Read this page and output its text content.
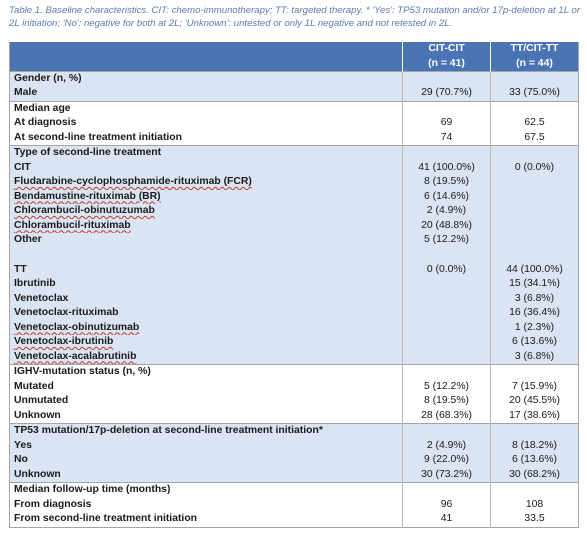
Table 1. Baseline characteristics. CIT: chemo-immunotherapy; TT: targeted therapy. * 'Yes': TP53 mutation and/or 17p-deletion at 1L or 2L initiation; 'No': negative for both at 2L; 'Unknown': untested or only 1L negative and not retested in 2L.
	CIT-CIT	TT/CIT-TT
	(n = 41)	(n = 44)
Gender (n, %)		
Male	29 (70.7%)	33 (75.0%)
Median age		
At diagnosis	69	62.5
At second-line treatment initiation	74	67.5
Type of second-line treatment		
CIT	41 (100.0%)	0 (0.0%)
Fludarabine-cyclophosphamide-rituximab (FCR)	8 (19.5%)	
Bendamustine-rituximab (BR)	6 (14.6%)	
Chlorambucil-obinutuzumab	2 (4.9%)	
Chlorambucil-rituximab	20 (48.8%)	
Other	5 (12.2%)	

TT	0 (0.0%)	44 (100.0%)
Ibrutinib		15 (34.1%)
Venetoclax		3 (6.8%)
Venetoclax-rituximab		16 (36.4%)
Venetoclax-obinutizumab		1 (2.3%)
Venetoclax-ibrutinib		6 (13.6%)
Venetoclax-acalabrutinib		3 (6.8%)
IGHV-mutation status (n, %)		
Mutated	5 (12.2%)	7 (15.9%)
Unmutated	8 (19.5%)	20 (45.5%)
Unknown	28 (68.3%)	17 (38.6%)
TP53 mutation/17p-deletion at second-line treatment initiation*		
Yes	2 (4.9%)	8 (18.2%)
No	9 (22.0%)	6 (13.6%)
Unknown	30 (73.2%)	30 (68.2%)
Median follow-up time (months)		
From diagnosis	96	108
From second-line treatment initiation	41	33.5
